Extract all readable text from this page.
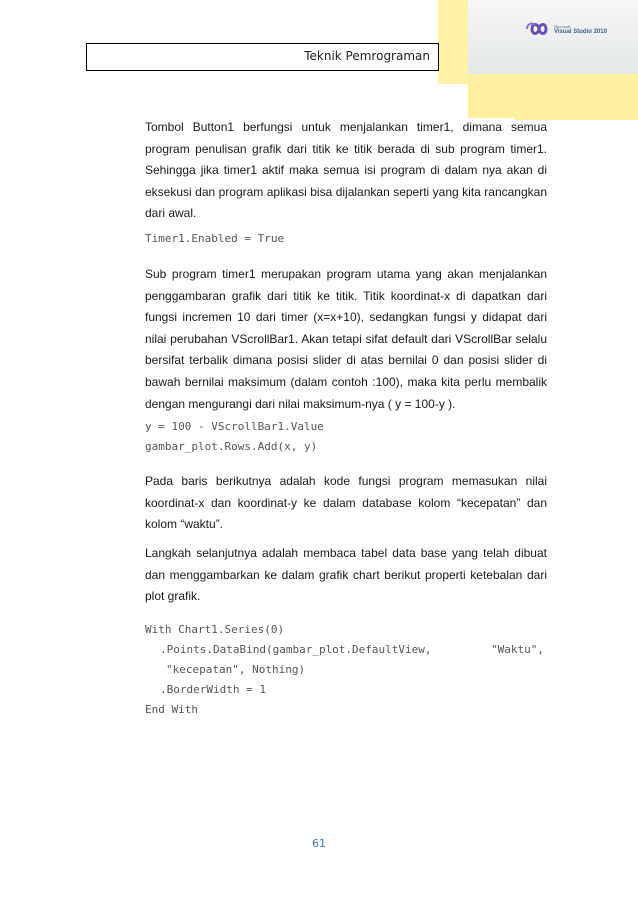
Microsoft
Visual Studio 2010
Teknik Pemrograman
Tombol Button1 berfungsi untuk menjalankan timer1, dimana semua program penulisan grafik dari titik ke titik berada di sub program timer1. Sehingga jika timer1 aktif maka semua isi program di dalam nya akan di eksekusi dan program aplikasi bisa dijalankan seperti yang kita rancangkan dari awal.
Timer1.Enabled = True
Sub program timer1 merupakan program utama yang akan menjalankan penggambaran grafik dari titik ke titik. Titik koordinat-x di dapatkan dari fungsi incremen 10 dari timer (x=x+10), sedangkan fungsi y didapat dari nilai perubahan VScrollBar1. Akan tetapi sifat default dari VScrollBar selalu bersifat terbalik dimana posisi slider di atas bernilai 0 dan posisi slider di bawah bernilai maksimum (dalam contoh :100), maka kita perlu membalik dengan mengurangi dari nilai maksimum-nya ( y = 100-y ).
y = 100 - VScrollBar1.Value
gambar_plot.Rows.Add(x, y)
Pada baris berikutnya adalah kode fungsi program memasukan nilai koordinat-x dan koordinat-y ke dalam database kolom “kecepatan” dan kolom “waktu”.
Langkah selanjutnya adalah membaca tabel data base yang telah dibuat dan menggambarkan ke dalam grafik chart berikut properti ketebalan dari plot grafik.
With Chart1.Series(0)
.Points.DataBind(gambar_plot.DefaultView,	"Waktu",
"kecepatan", Nothing)
.BorderWidth = 1
End With
61
